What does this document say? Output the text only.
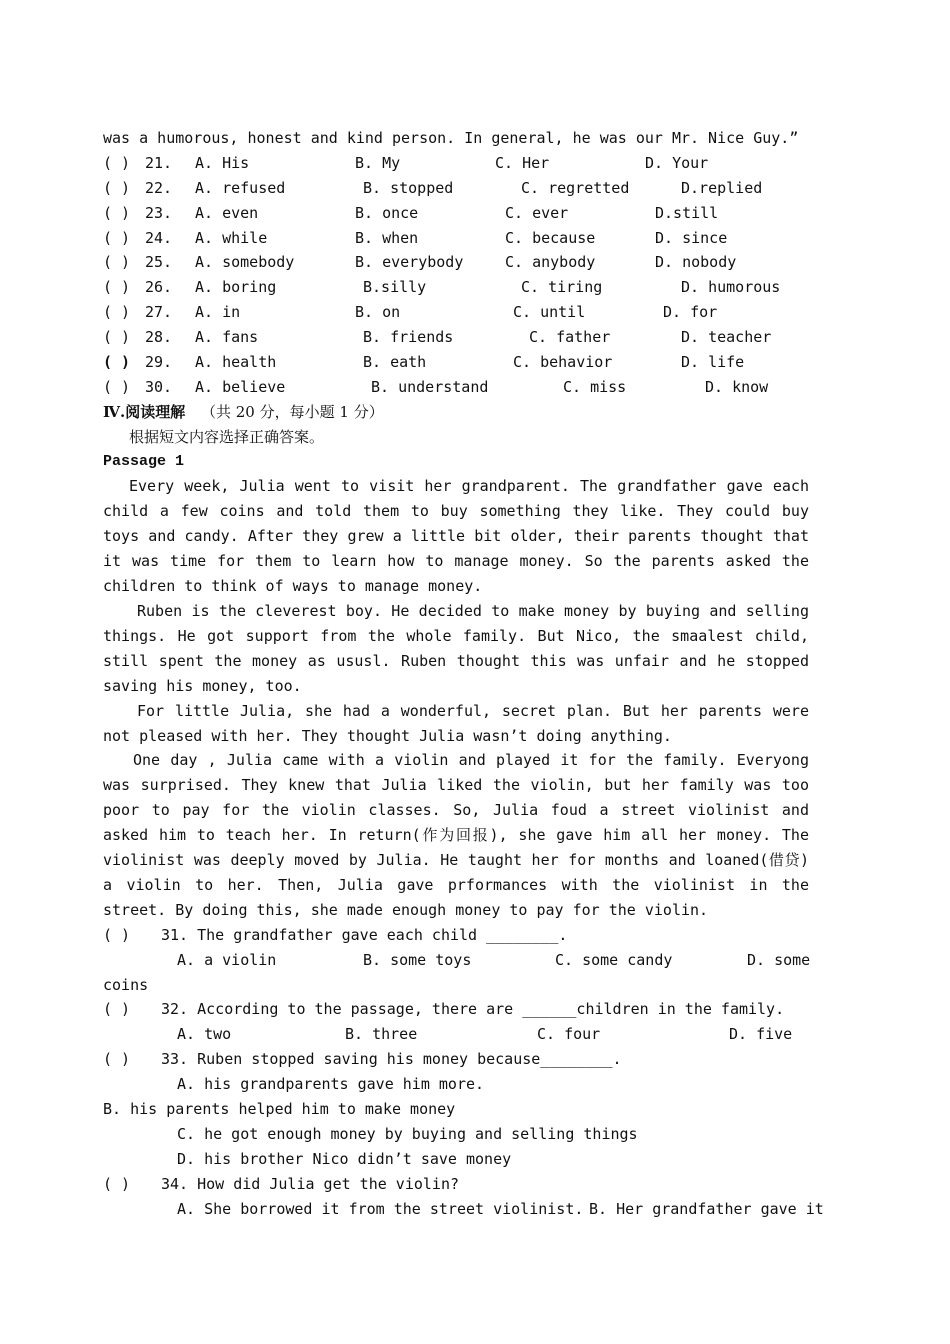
was a humorous, honest and kind person. In general, he was our Mr. Nice Guy.”
( ) 21. A. His	B. My	C. Her	D. Your
( ) 22. A. refused	B. stopped	C. regretted	D.replied
( ) 23. A. even	B. once	C. ever	D.still
( ) 24. A. while	B. when	C. because	D. since
( ) 25. A. somebody	B. everybody	C. anybody	D. nobody
( ) 26. A. boring	B.silly	C. tiring	D. humorous
( ) 27. A. in	B. on	C. until	D. for
( ) 28. A. fans	B. friends	C. father	D. teacher
( ) 29. A. health	B. eath	C. behavior	D. life
( ) 30. A. believe	B. understand	C. miss	D. know
Ⅳ.阅读理解 （共 20 分，每小题 1 分）
根据短文内容选择正确答案。
Passage 1
Every week, Julia went to visit her grandparent. The grandfather gave each child a few coins and told them to buy something they like. They could buy toys and candy. After they grew a little bit older, their parents thought that it was time for them to learn how to manage money. So the parents asked the children to think of ways to manage money.
Ruben is the cleverest boy. He decided to make money by buying and selling things. He got support from the whole family. But Nico, the smaalest child, still spent the money as ususl. Ruben thought this was unfair and he stopped saving his money, too.
For little Julia, she had a wonderful, secret plan. But her parents were not pleased with her. They thought Julia wasn’t doing anything.
One day , Julia came with a violin and played it for the family. Everyong was surprised. They knew that Julia liked the violin, but her family was too poor to pay for the violin classes. So, Julia foud a street violinist and asked him to teach her. In return(作为回报), she gave him all her money. The violinist was deeply moved by Julia. He taught her for months and loaned(借贷) a violin to her. Then, Julia gave prformances with the violinist in the street. By doing this, she made enough money to pay for the violin.
( ) 31. The grandfather gave each child ________.
A. a violin	B. some toys	C. some candy	D. some
coins
( ) 32. According to the passage, there are ______children in the family.
A. two	B. three	C. four	D. five
( ) 33. Ruben stopped saving his money because________.
A. his grandparents gave him more.
B. his parents helped him to make money
C. he got enough money by buying and selling things
D. his brother Nico didn’t save money
( ) 34. How did Julia get the violin?
A. She borrowed it from the street violinist. B. Her grandfather gave it
